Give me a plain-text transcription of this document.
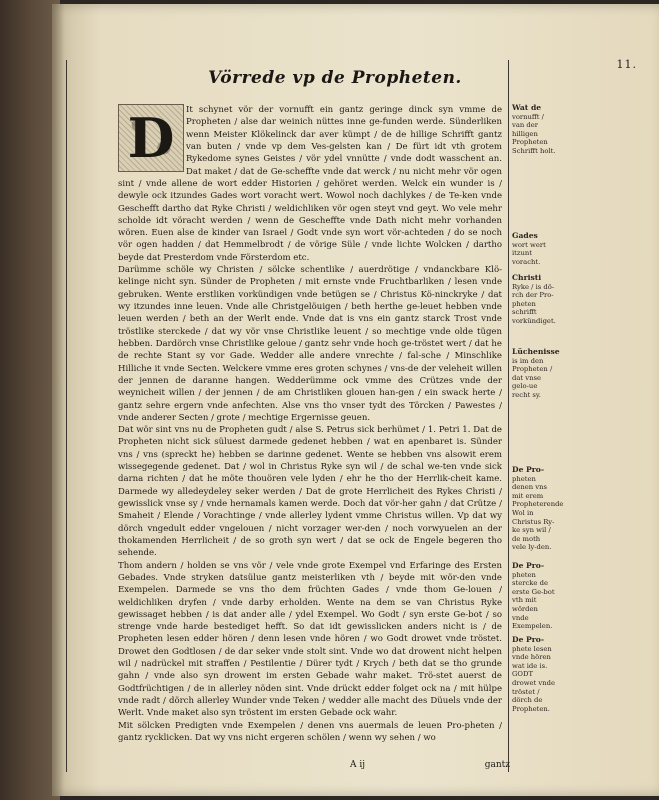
11.
Vörrede vp de Propheten.

It schynet vör der vornufft ein gantz geringe dinck syn vmme de Propheten / alse dar weinich nüttes inne ge-funden werde. Sünderliken wenn Meister Klökelinck dar aver kümpt / de de hillige Schrifft gantz van buten / vnde vp dem Ves-gelsten kan / De fürt idt vth grotem Rykedome synes Geistes / vör ydel vnnütte / vnde dodt wasschent an. Dat maket / dat de Ge-scheffte vnde dat werck / nu nicht mehr vör ogen sint / vnde allene de wort edder Historien / gehöret werden. Welck ein wunder is / dewyle ock itzundes Gades wort voracht wert. Wowol noch dachlykes / de Te-ken vnde Geschefft dartho dat Ryke Christi / weldichliken vör ogen steyt vnd geyt. Wo vele mehr scholde idt vöracht werden / wenn de Gescheffte vnde Dath nicht mehr vorhanden wören. Euen alse de kinder van Israel / Godt vnde syn wort vör-achteden / do se noch vör ogen hadden / dat Hemmelbrodt / de vörige Süle / vnde lichte Wolcken / dartho beyde dat Presterdom vnde Försterdom etc.

Darümme schöle wy Christen / sölcke schentlike / auerdrötige / vndanckbare Klö-kelinge nicht syn. Sünder de Propheten / mit ernste vnde Fruchtbarliken / lesen vnde gebruken. Wente erstliken vorkündigen vnde betügen se / Christus Kö-ninckryke / dat wy itzundes inne leuen. Vnde alle Christgelöuigen / beth herthe ge-leuet hebben vnde leuen werden / beth an der Werlt ende. Vnde dat is vns ein gantz starck Trost vnde tröstlike sterckede / dat wy vör vnse Christlike leuent / so mechtige vnde olde tügen hebben. Dardörch vnse Christlike geloue / gantz sehr vnde hoch ge-tröstet wert / dat he de rechte Stant sy vor Gade. Wedder alle andere vnrechte / fal-sche / Minschlike Hilliche it vnde Secten. Welckere vmme eres groten schynes / vns-de der veleheit willen der jennen de daranne hangen. Wedderümme ock vmme des Crützes vnde der weynicheit willen / der jennen / de am Christliken glouen han-gen / ein swack herte / gantz sehre ergern vnde anfechten. Alse vns tho vnser tydt des Törcken / Pawestes / vnde anderer Secten / grote / mechtige Ergernisse geuen.

Dat wör sint vns nu de Propheten gudt / alse S. Petrus sick berhümet / 1. Petri 1. Dat de Propheten nicht sick süluest darmede gedenet hebben / wat en apenbaret is. Sünder vns / vns (spreckt he) hebben se darinne gedenet. Wente se hebben vns alsowit erem wissegegende gedenet. Dat / wol in Christus Ryke syn wil / de schal we-ten vnde sick darna richten / dat he möte thouören vele lyden / ehr he tho der Herrlik-cheit kame. Darmede wy alledeydeley seker werden / Dat de grote Herrlicheit des Rykes Christi / gewisslick vnse sy / vnde hernamals kamen werde. Doch dat vör-her gahn / dat Crütze / Smaheit / Elende / Vorachtinge / vnde allerley lydent vmme Christus willen. Vp dat wy dörch vngedult edder vngelouen / nicht vorzager wer-den / noch vorwyuelen an der thokamenden Herrlicheit / de so groth syn wert / dat se ock de Engele begeren tho sehende.

Thom andern / holden se vns vör / vele vnde grote Exempel vnd Erfaringe des Ersten Gebades. Vnde stryken datsülue gantz meisterliken vth / beyde mit wör-den vnde Exempelen. Darmede se vns tho dem früchten Gades / vnde thom Ge-louen / weldichliken dryfen / vnde darby erholden. Wente na dem se van Christus Ryke gewissaget hebben / is dat ander alle / ydel Exempel. Wo Godt / syn erste Ge-bot / so strenge vnde harde bestediget hefft. So dat idt gewisslicken anders nicht is / de Propheten lesen edder hören / denn lesen vnde hören / wo Godt drowet vnde tröstet. Drowet den Godtlosen / de dar seker vnde stolt sint. Vnde wo dat drowent nicht helpen wil / nadrückel mit straffen / Pestilentie / Dürer tydt / Krych / beth dat se tho grunde gahn / vnde also syn drowent im ersten Gebade wahr maket. Trö-stet auerst de Godtfrüchtigen / de in allerley nöden sint. Vnde drückt edder folget ock na / mit hülpe vnde radt / dörch allerley Wunder vnde Teken / wedder alle macht des Düuels vnde der Werlt. Vnde maket also syn tröstent im ersten Gebade ock wahr.

Mit sölcken Predigten vnde Exempelen / denen vns auermals de leuen Pro-pheten / gantz rycklicken. Dat wy vns nicht ergeren schölen / wenn wy sehen / wo

D	Wat de
vornufft / van der hilligen Propheten Schrifft holt.
Gades
wort wert itzunt voracht.
Christi
Ryke / is dö-rch der Pro-pheten schrifft vorkündiget.
Lüchenisse
is im den Propheten / dat vnse gelo-ue recht sy.
De Pro-
pheten denen vns mit erem Propheterende Wol in Christus Ry-ke syn wil / de moth vele ly-den.
De Pro-
pheten stercke de erste Ge-bot vth mit wörden vnde Exempelen.
De Pro-
phete lesen vnde hören wat ide is. GODT drowet vnde tröstet / dörch de Propheten.
A ij	gantz
